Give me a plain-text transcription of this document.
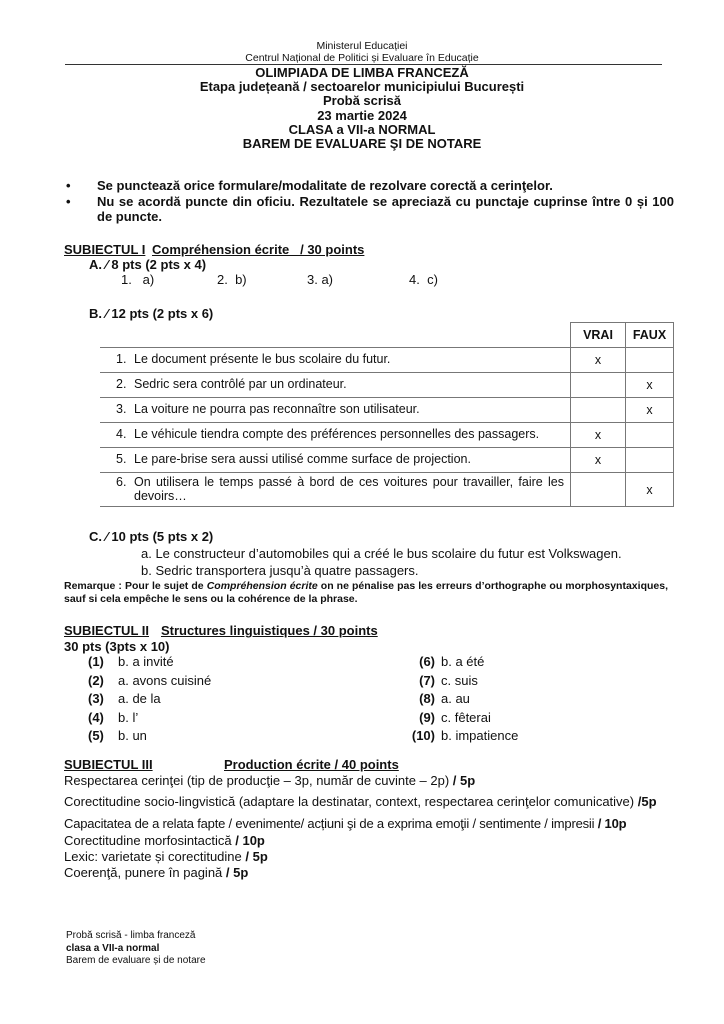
Ministerul Educației
Centrul Național de Politici și Evaluare în Educație
OLIMPIADA DE LIMBA FRANCEZĂ
Etapa județeană / sectoarelor municipiului București
Probă scrisă
23 martie 2024
CLASA a VII-a NORMAL
BAREM DE EVALUARE ŞI DE NOTARE
•	Se punctează orice formulare/modalitate de rezolvare corectă a cerinţelor.
•	Nu se acordă puncte din oficiu. Rezultatele se apreciază cu punctaje cuprinse între 0 și 100 de puncte.
SUBIECTUL I Compréhension écrite   / 30 points
A. ⁄ 8 pts (2 pts x 4)
1.   a)	2.  b)	3. a)	4.  c)
B. ⁄ 12 pts (2 pts x 6)
	VRAI	FAUX

1. Le document présente le bus scolaire du futur.	x	

2. Sedric sera contrôlé par un ordinateur.		x

3. La voiture ne pourra pas reconnaître son utilisateur.		x

4. Le véhicule tiendra compte des préférences personnelles des passagers.	x	

5. Le pare-brise sera aussi utilisé comme surface de projection.	x	

6. On utilisera le temps passé à bord de ces voitures pour travailler, faire les devoirs…		x
C. ⁄ 10 pts (5 pts x 2)
a. Le constructeur d’automobiles qui a créé le bus scolaire du futur est Volkswagen.
b. Sedric transportera jusqu’à quatre passagers.
Remarque : Pour le sujet de Compréhension écrite on ne pénalise pas les erreurs d’orthographe ou morphosyntaxiques, sauf si cela empêche le sens ou la cohérence de la phrase.
SUBIECTUL II Structures linguistiques / 30 points
30 pts (3pts x 10)
(1) b. a invité
(2) a. avons cuisiné
(3) a. de la
(4) b. l’
(5) b. un
(6) b. a été
(7) c. suis
(8) a. au
(9) c. fêterai
(10) b. impatience
SUBIECTUL III	Production écrite / 40 points
Respectarea cerinţei (tip de producţie – 3p, număr de cuvinte – 2p) / 5p
Corectitudine socio-lingvistică (adaptare la destinatar, context, respectarea cerinţelor comunicative) /5p
Capacitatea de a relata fapte / evenimente/ acțiuni şi de a exprima emoţii / sentimente / impresii / 10p
Corectitudine morfosintactică / 10p
Lexic: varietate și corectitudine / 5p
Coerenţă, punere în pagină / 5p
Probă scrisă - limba franceză
clasa a VII-a normal
Barem de evaluare și de notare
